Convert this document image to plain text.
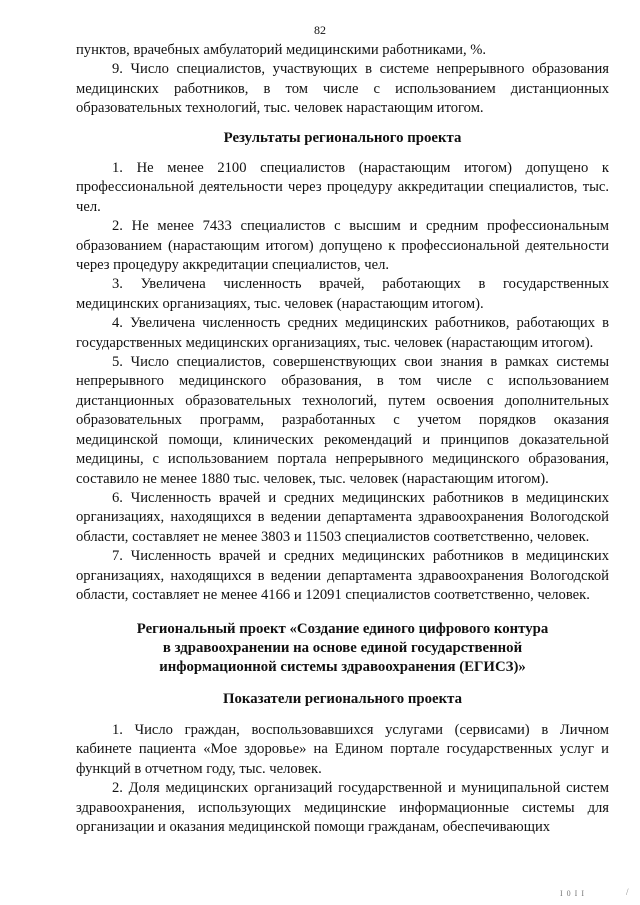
82

пунктов, врачебных амбулаторий медицинскими работниками, %.

9. Число специалистов, участвующих в системе непрерывного образования медицинских работников, в том числе с использованием дистанционных образовательных технологий, тыс. человек нарастающим итогом.

Результаты регионального проекта

1. Не менее 2100 специалистов (нарастающим итогом) допущено к профессиональной деятельности через процедуру аккредитации специалистов, тыс. чел.

2. Не менее 7433 специалистов с высшим и средним профессиональным образованием (нарастающим итогом) допущено к профессиональной деятельности через процедуру аккредитации специалистов, чел.

3. Увеличена численность врачей, работающих в государственных медицинских организациях, тыс. человек (нарастающим итогом).

4. Увеличена численность средних медицинских работников, работающих в государственных медицинских организациях, тыс. человек (нарастающим итогом).

5. Число специалистов, совершенствующих свои знания в рамках системы непрерывного медицинского образования, в том числе с использованием дистанционных образовательных технологий, путем освоения дополнительных образовательных программ, разработанных с учетом порядков оказания медицинской помощи, клинических рекомендаций и принципов доказательной медицины, с использованием портала непрерывного медицинского образования, составило не менее 1880 тыс. человек, тыс. человек (нарастающим итогом).

6. Численность врачей и средних медицинских работников в медицинских организациях, находящихся в ведении департамента здравоохранения Вологодской области, составляет не менее 3803 и 11503 специалистов соответственно, человек.

7. Численность врачей и средних медицинских работников в медицинских организациях, находящихся в ведении департамента здравоохранения Вологодской области, составляет не менее 4166 и 12091 специалистов соответственно, человек.

Региональный проект «Создание единого цифрового контура
в здравоохранении на основе единой государственной
информационной системы здравоохранения (ЕГИСЗ)»
Показатели регионального проекта

1. Число граждан, воспользовавшихся услугами (сервисами) в Личном кабинете пациента «Мое здоровье» на Едином портале государственных услуг и функций в отчетном году, тыс. человек.

2. Доля медицинских организаций государственной и муниципальной систем здравоохранения, использующих медицинские информационные системы для организации и оказания медицинской помощи гражданам, обеспечивающих

I 0 I I	/
